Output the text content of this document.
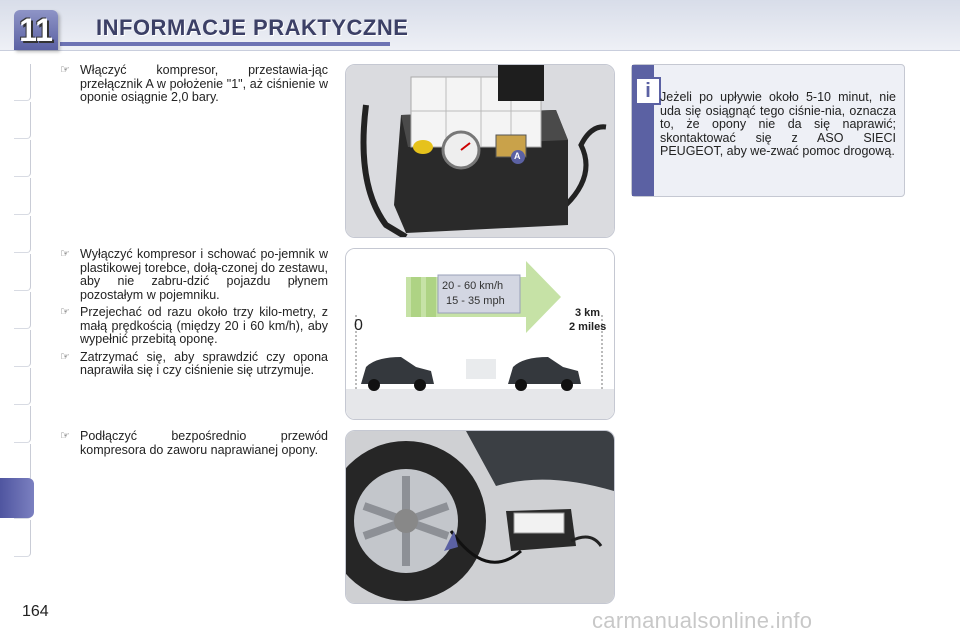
11 INFORMACJE PRAKTYCZNE
☞ Włączyć kompresor, przestawia-jąc przełącznik A w położenie "1", aż ciśnienie w oponie osiągnie 2,0 bary.
☞ Wyłączyć kompresor i schować po-jemnik w plastikowej torebce, dołą-czonej do zestawu, aby nie zabru-dzić pojazdu płynem pozostałym w pojemniku.
☞ Przejechać od razu około trzy kilo-metry, z małą prędkością (między 20 i 60 km/h), aby wypełnić przebitą oponę.
☞ Zatrzymać się, aby sprawdzić czy opona naprawiła się i czy ciśnienie się utrzymuje.
☞ Podłączyć bezpośrednio przewód kompresora do zaworu naprawianej opony.
A
20 - 60 km/h
15 - 35 mph
0
3 km
2 miles
i Jeżeli po upływie około 5-10 minut, nie uda się osiągnąć tego ciśnie-nia, oznacza to, że opony nie da się naprawić; skontaktować się z ASO SIECI PEUGEOT, aby we-zwać pomoc drogową.
164	carmanualsonline.info
